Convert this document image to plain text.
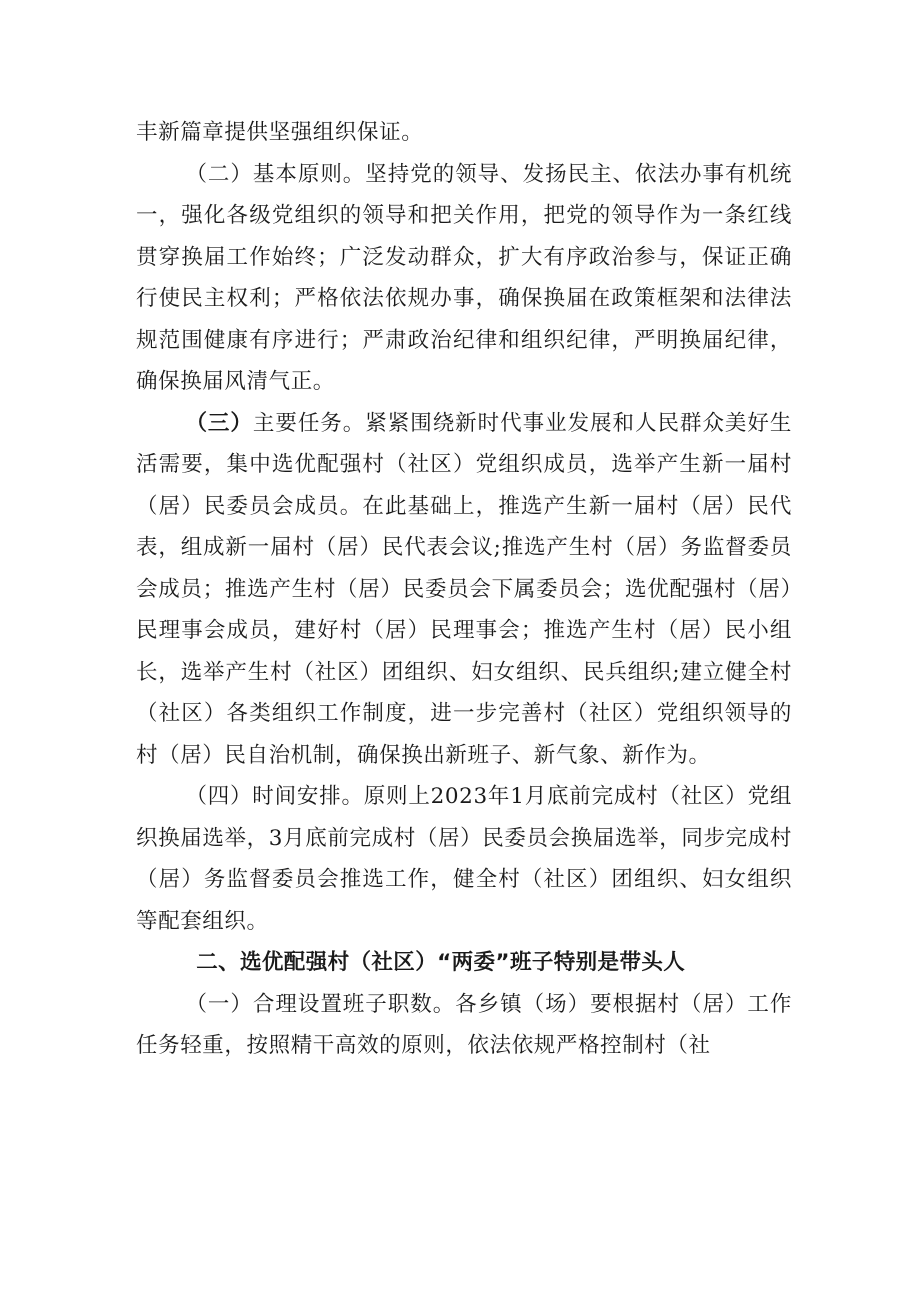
丰新篇章提供坚强组织保证。

（二）基本原则。坚持党的领导、发扬民主、依法办事有机统一，强化各级党组织的领导和把关作用，把党的领导作为一条红线贯穿换届工作始终；广泛发动群众，扩大有序政治参与，保证正确行使民主权利；严格依法依规办事，确保换届在政策框架和法律法规范围健康有序进行；严肃政治纪律和组织纪律，严明换届纪律，确保换届风清气正。

（三）主要任务。紧紧围绕新时代事业发展和人民群众美好生活需要，集中选优配强村（社区）党组织成员，选举产生新一届村（居）民委员会成员。在此基础上，推选产生新一届村（居）民代表，组成新一届村（居）民代表会议;推选产生村（居）务监督委员会成员；推选产生村（居）民委员会下属委员会；选优配强村（居）民理事会成员，建好村（居）民理事会；推选产生村（居）民小组长，选举产生村（社区）团组织、妇女组织、民兵组织;建立健全村（社区）各类组织工作制度，进一步完善村（社区）党组织领导的村（居）民自治机制，确保换出新班子、新气象、新作为。

（四）时间安排。原则上2023年1月底前完成村（社区）党组织换届选举，3月底前完成村（居）民委员会换届选举，同步完成村（居）务监督委员会推选工作，健全村（社区）团组织、妇女组织等配套组织。

二、选优配强村（社区）“两委”班子特别是带头人

（一）合理设置班子职数。各乡镇（场）要根据村（居）工作任务轻重，按照精干高效的原则，依法依规严格控制村（社
